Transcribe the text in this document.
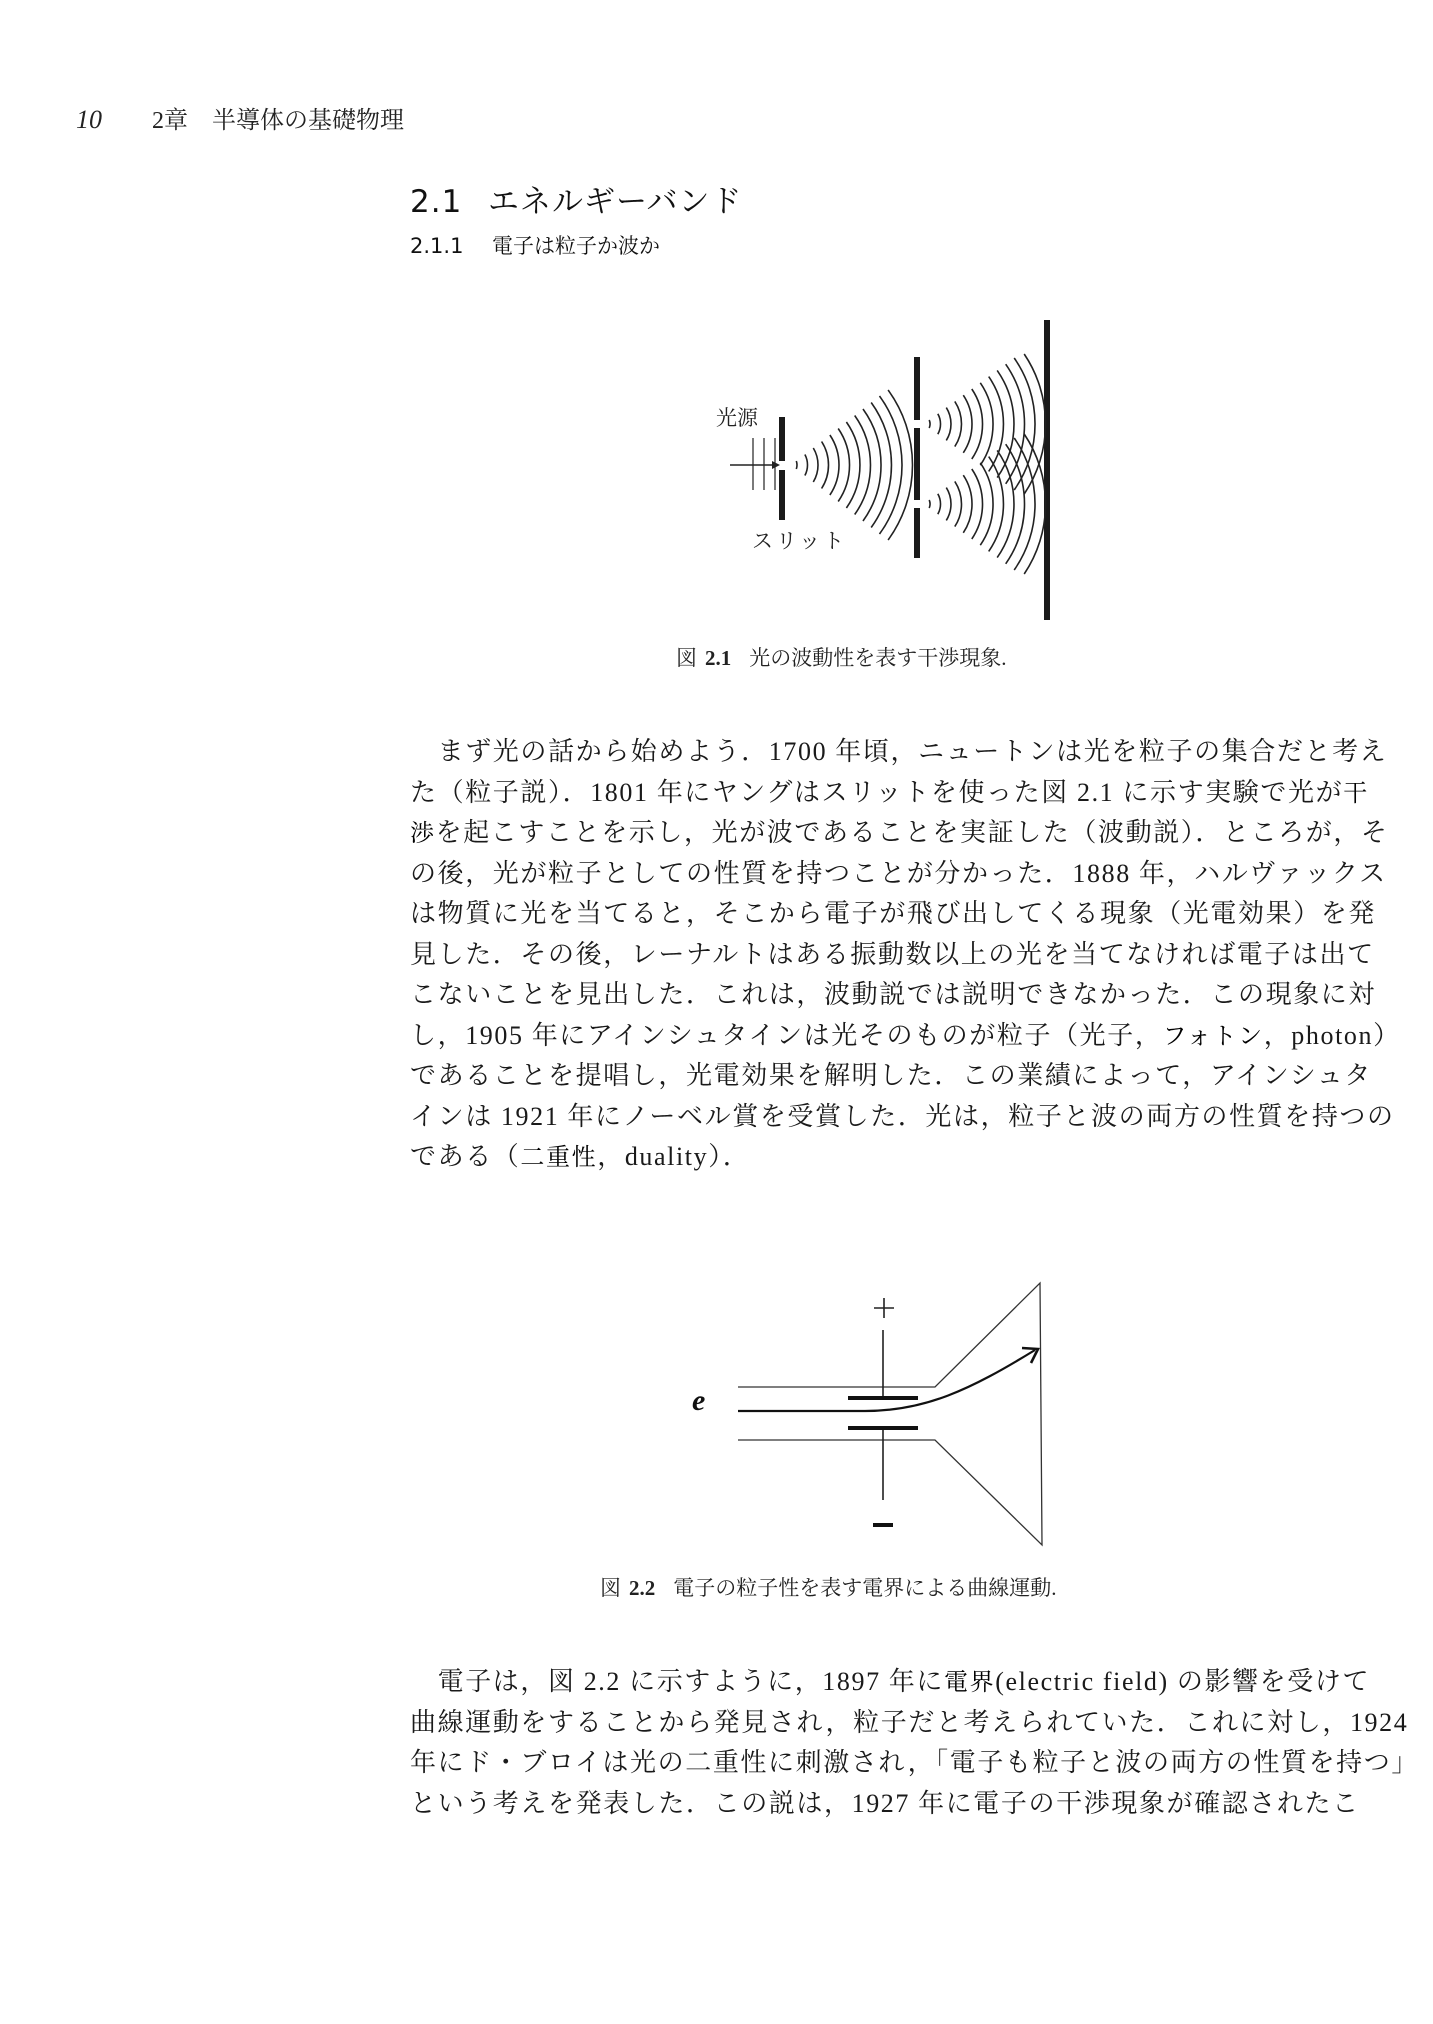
10 2章　半導体の基礎物理
2.1 エネルギーバンド
2.1.1 電子は粒子か波か
光源
スリット
図 2.1 光の波動性を表す干渉現象.
　まず光の話から始めよう．1700 年頃，ニュートンは光を粒子の集合だと考え
た（粒子説）．1801 年にヤングはスリットを使った図 2.1 に示す実験で光が干
渉を起こすことを示し，光が波であることを実証した（波動説）．ところが，そ
の後，光が粒子としての性質を持つことが分かった．1888 年，ハルヴァックス
は物質に光を当てると，そこから電子が飛び出してくる現象（光電効果）を発
見した．その後，レーナルトはある振動数以上の光を当てなければ電子は出て
こないことを見出した．これは，波動説では説明できなかった．この現象に対
し，1905 年にアインシュタインは光そのものが粒子（光子，フォトン，photon）
であることを提唱し，光電効果を解明した．この業績によって，アインシュタ
インは 1921 年にノーベル賞を受賞した．光は，粒子と波の両方の性質を持つの
である（二重性，duality）．
e
図 2.2 電子の粒子性を表す電界による曲線運動.
　電子は，図 2.2 に示すように，1897 年に電界(electric field) の影響を受けて
曲線運動をすることから発見され，粒子だと考えられていた．これに対し，1924
年にド・ブロイは光の二重性に刺激され，「電子も粒子と波の両方の性質を持つ」
という考えを発表した．この説は，1927 年に電子の干渉現象が確認されたこ
